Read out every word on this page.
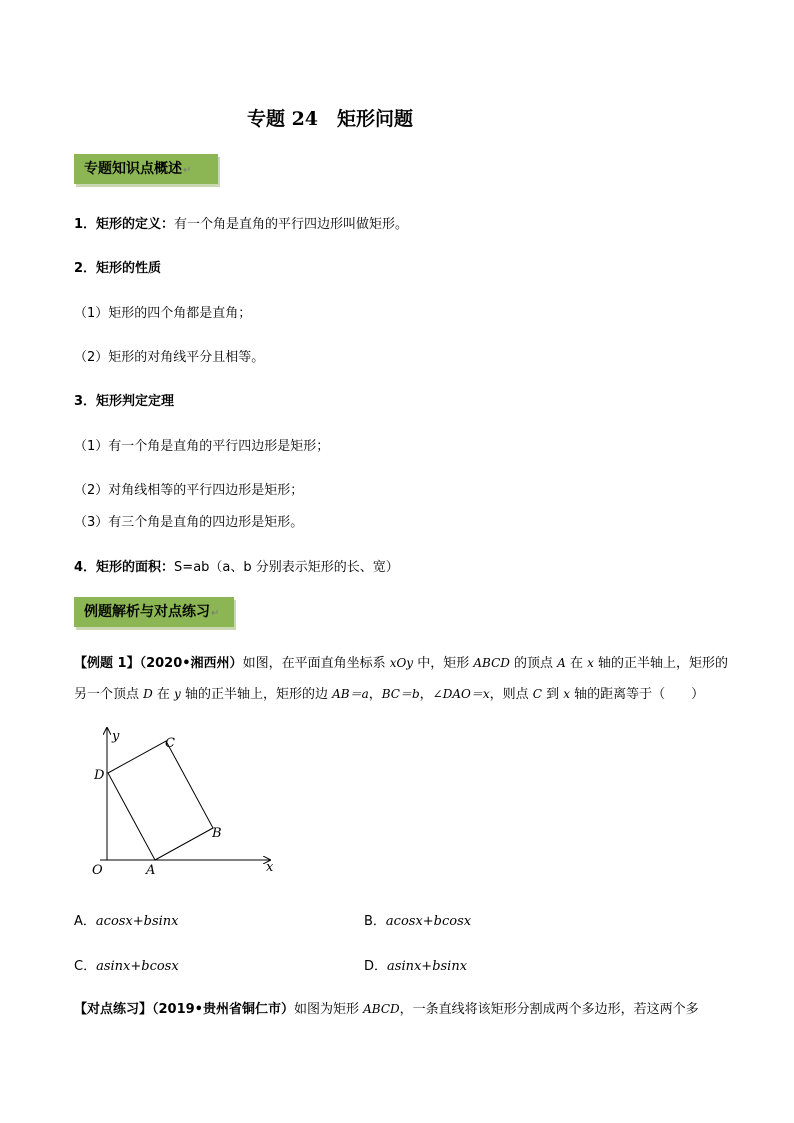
专题 24　矩形问题
专题知识点概述↵
1．矩形的定义：有一个角是直角的平行四边形叫做矩形。
2．矩形的性质
（1）矩形的四个角都是直角；
（2）矩形的对角线平分且相等。
3．矩形判定定理
（1）有一个角是直角的平行四边形是矩形；
（2）对角线相等的平行四边形是矩形；
（3）有三个角是直角的四边形是矩形。
4．矩形的面积：S=ab（a、b 分别表示矩形的长、宽）
例题解析与对点练习↵
【例题 1】（2020•湘西州）如图，在平面直角坐标系 xOy 中，矩形 ABCD 的顶点 A 在 x 轴的正半轴上，矩形的另一个顶点 D 在 y 轴的正半轴上，矩形的边 AB＝a，BC＝b，∠DAO＝x，则点 C 到 x 轴的距离等于（　　）
y
x
O	A
B
C
D
A．acosx+bsinx	B．acosx+bcosx
C．asinx+bcosx	D．asinx+bsinx
【对点练习】（2019•贵州省铜仁市）如图为矩形 ABCD，一条直线将该矩形分割成两个多边形，若这两个多
